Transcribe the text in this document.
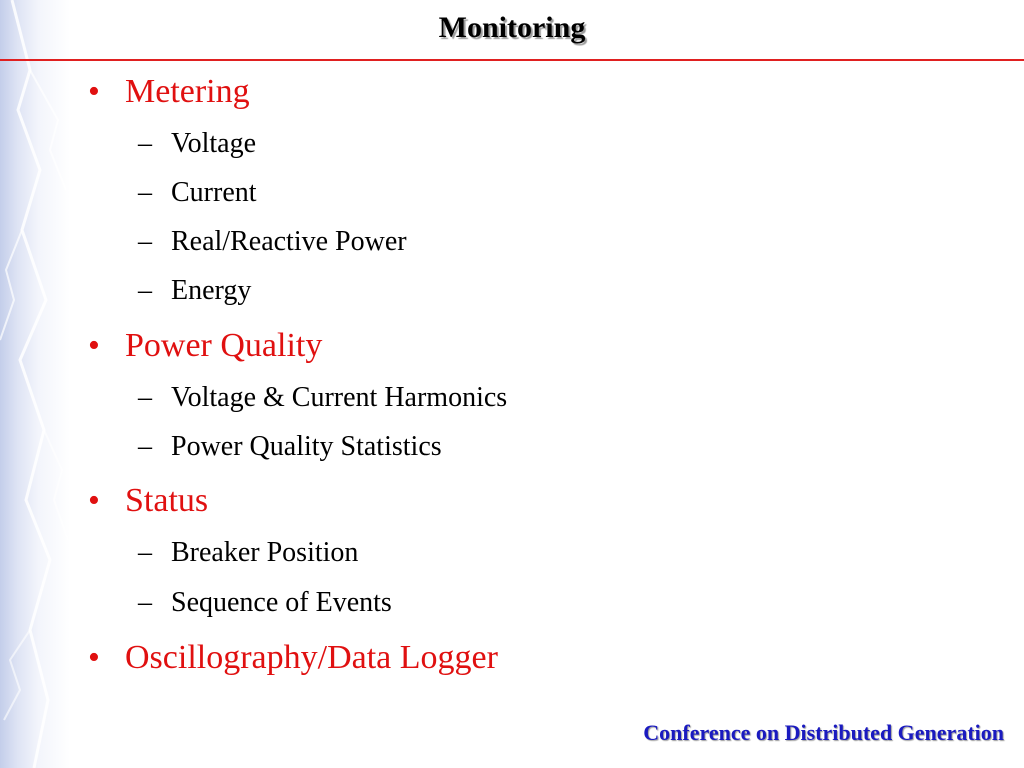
Monitoring
• Metering
– Voltage
– Current
– Real/Reactive Power
– Energy
• Power Quality
– Voltage & Current Harmonics
– Power Quality Statistics
• Status
– Breaker Position
– Sequence of Events
• Oscillography/Data Logger
Conference on Distributed Generation
